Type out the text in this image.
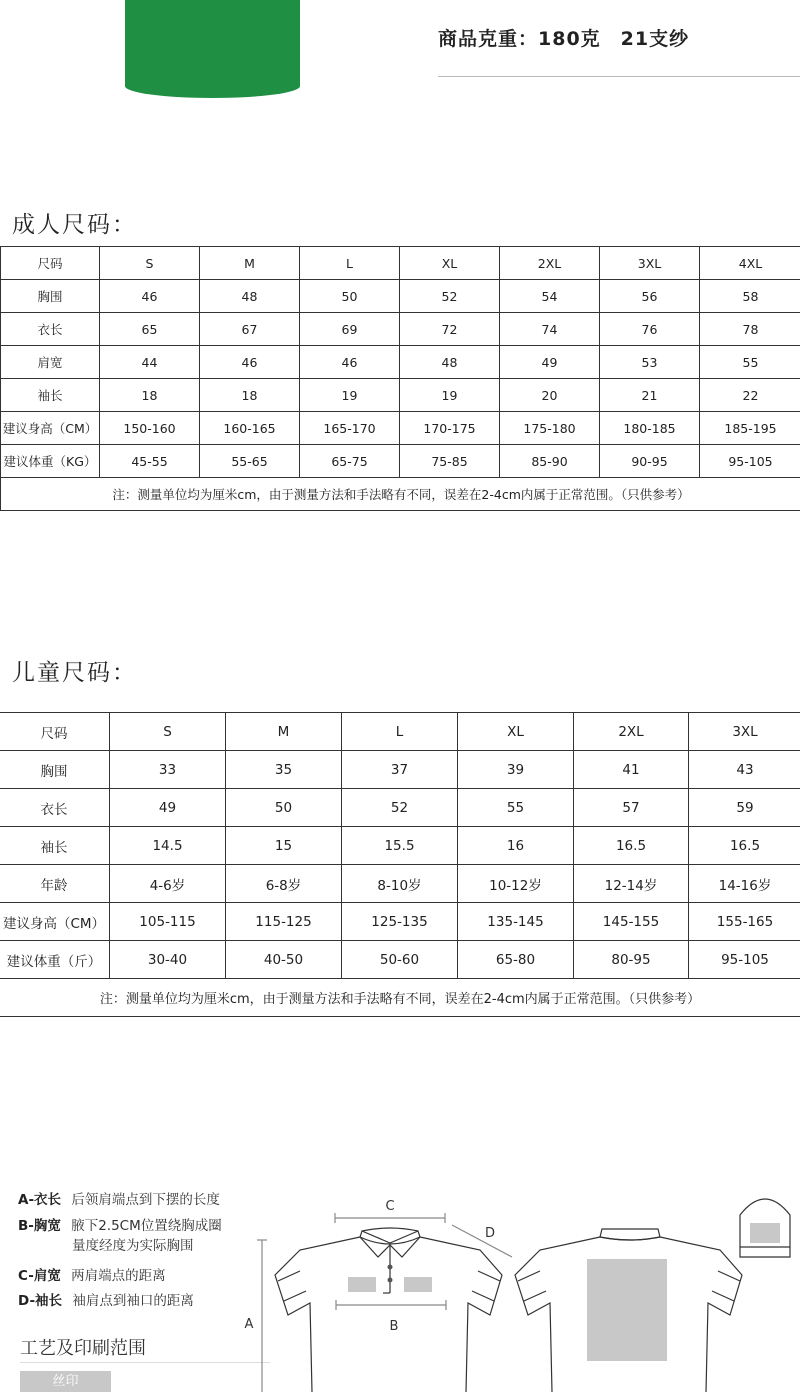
商品克重：180克　21支纱
成人尺码：
尺码	S	M	L	XL	2XL	3XL	4XL
胸围	46	48	50	52	54	56	58
衣长	65	67	69	72	74	76	78
肩宽	44	46	46	48	49	53	55
袖长	18	18	19	19	20	21	22
建议身高（CM）	150-160	160-165	165-170	170-175	175-180	180-185	185-195
建议体重（KG）	45-55	55-65	65-75	75-85	85-90	90-95	95-105
注：测量单位均为厘米cm，由于测量方法和手法略有不同，误差在2-4cm内属于正常范围。（只供参考）							
儿童尺码：
尺码	S	M	L	XL	2XL	3XL
胸围	33	35	37	39	41	43
衣长	49	50	52	55	57	59
袖长	14.5	15	15.5	16	16.5	16.5
年龄	4-6岁	6-8岁	8-10岁	10-12岁	12-14岁	14-16岁
建议身高（CM）	105-115	115-125	125-135	135-145	145-155	155-165
建议体重（斤）	30-40	40-50	50-60	65-80	80-95	95-105
注：测量单位均为厘米cm，由于测量方法和手法略有不同，误差在2-4cm内属于正常范围。（只供参考）						
A-衣长 后领肩端点到下摆的长度
B-胸宽 腋下2.5CM位置绕胸成圈
量度经度为实际胸围
C-肩宽 两肩端点的距离
D-袖长 袖肩点到袖口的距离
工艺及印刷范围
丝印
C
D
A	B
